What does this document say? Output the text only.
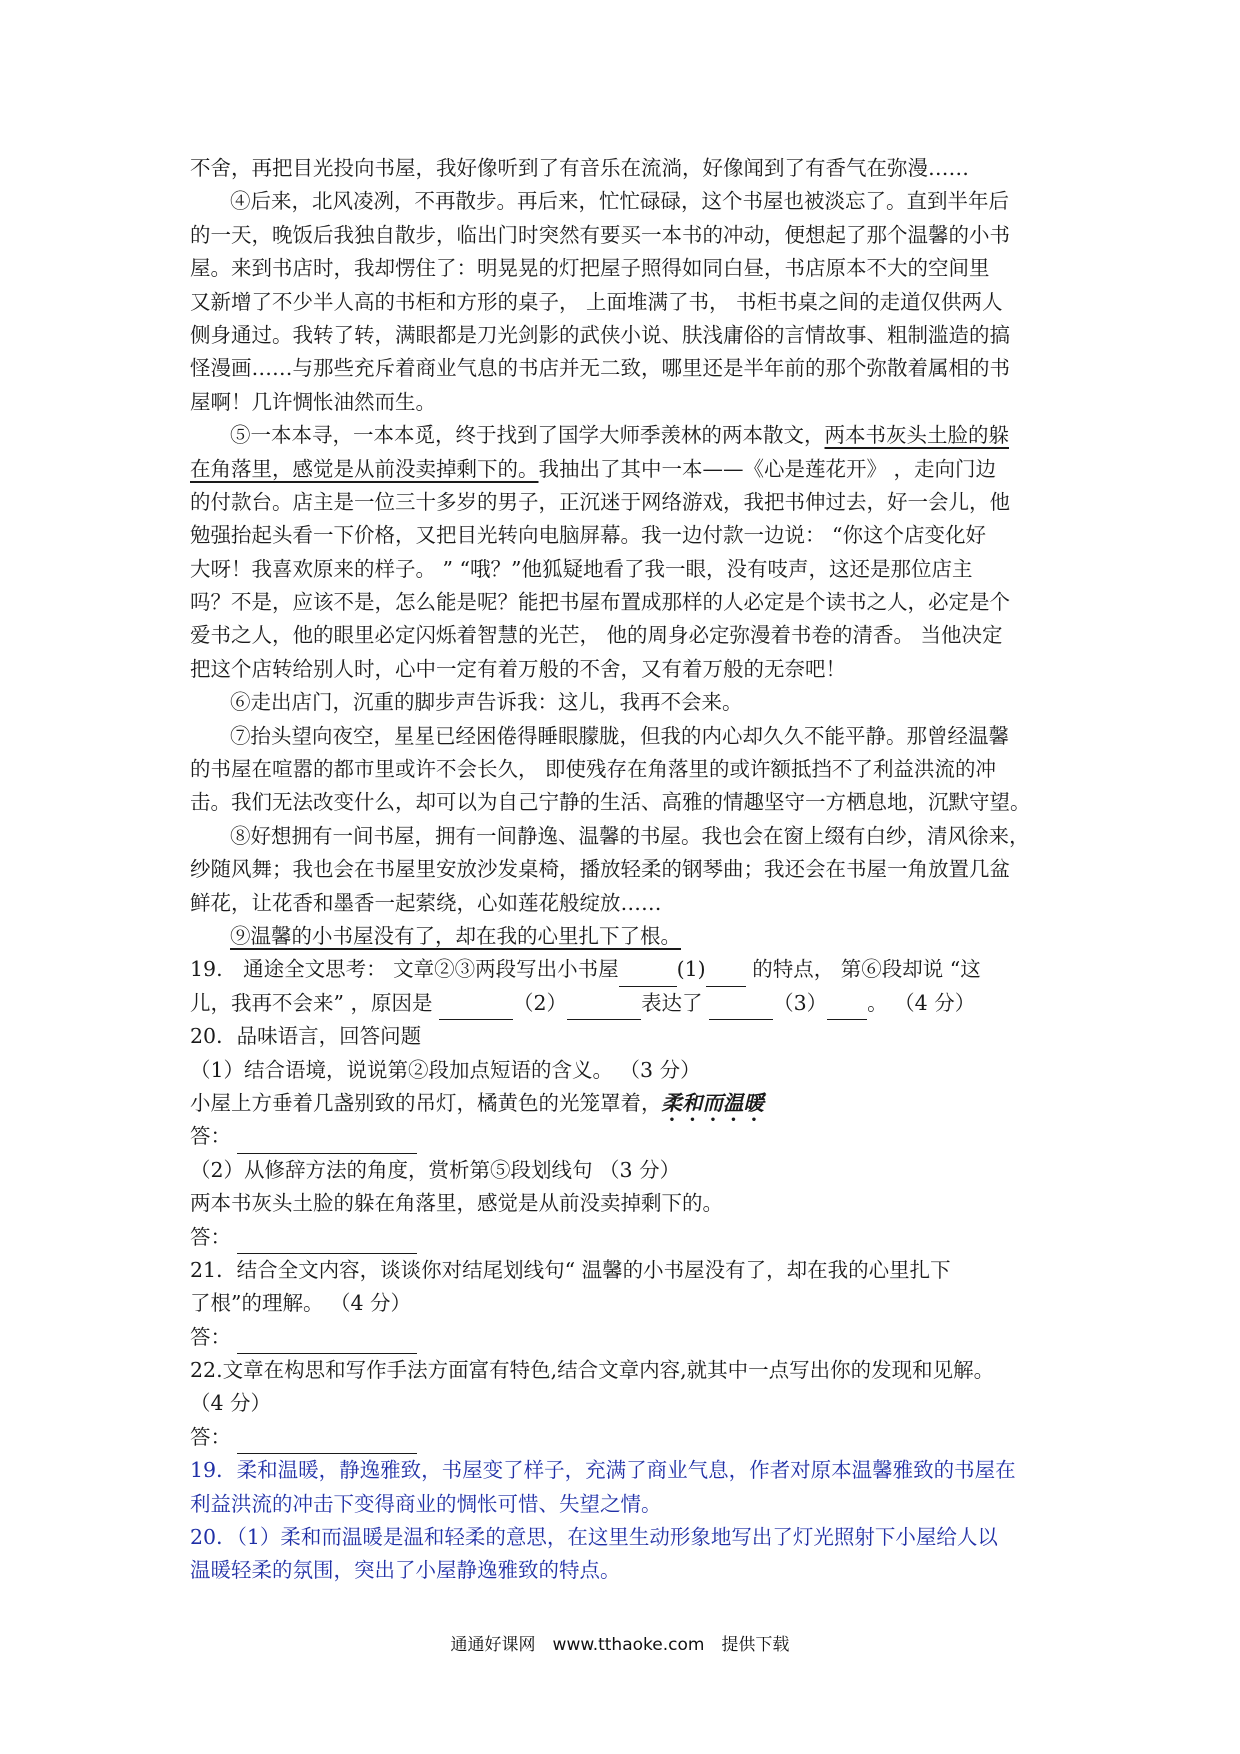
不舍，再把目光投向书屋，我好像听到了有音乐在流淌，好像闻到了有香气在弥漫……
④后来，北风凌冽，不再散步。再后来，忙忙碌碌，这个书屋也被淡忘了。直到半年后
的一天，晚饭后我独自散步，临出门时突然有要买一本书的冲动，便想起了那个温馨的小书
屋。来到书店时，我却愣住了：明晃晃的灯把屋子照得如同白昼，书店原本不大的空间里
又新增了不少半人高的书柜和方形的桌子， 上面堆满了书， 书柜书桌之间的走道仅供两人
侧身通过。我转了转，满眼都是刀光剑影的武侠小说、肤浅庸俗的言情故事、粗制滥造的搞
怪漫画……与那些充斥着商业气息的书店并无二致，哪里还是半年前的那个弥散着属相的书
屋啊！几许惆怅油然而生。
⑤一本本寻，一本本觅，终于找到了国学大师季羡林的两本散文，两本书灰头土脸的躲
在角落里，感觉是从前没卖掉剩下的。我抽出了其中一本——《心是莲花开》 ，走向门边
的付款台。店主是一位三十多岁的男子，正沉迷于网络游戏，我把书伸过去，好一会儿，他
勉强抬起头看一下价格，又把目光转向电脑屏幕。我一边付款一边说： “你这个店变化好
大呀！我喜欢原来的样子。 ” “哦？”他狐疑地看了我一眼，没有吱声，这还是那位店主
吗？不是，应该不是，怎么能是呢？能把书屋布置成那样的人必定是个读书之人，必定是个
爱书之人，他的眼里必定闪烁着智慧的光芒， 他的周身必定弥漫着书卷的清香。 当他决定
把这个店转给别人时，心中一定有着万般的不舍，又有着万般的无奈吧！
⑥走出店门，沉重的脚步声告诉我：这儿，我再不会来。
⑦抬头望向夜空，星星已经困倦得睡眼朦胧，但我的内心却久久不能平静。那曾经温馨
的书屋在喧嚣的都市里或许不会长久， 即使残存在角落里的或许额抵挡不了利益洪流的冲
击。我们无法改变什么，却可以为自己宁静的生活、高雅的情趣坚守一方栖息地，沉默守望。
⑧好想拥有一间书屋，拥有一间静逸、温馨的书屋。我也会在窗上缀有白纱，清风徐来，
纱随风舞；我也会在书屋里安放沙发桌椅，播放轻柔的钢琴曲；我还会在书屋一角放置几盆
鲜花，让花香和墨香一起萦绕，心如莲花般绽放……
⑨温馨的小书屋没有了，却在我的心里扎下了根。
19.　通途全文思考： 文章②③两段写出小书屋	(1) 的特点， 第⑥段却说 “这
儿，我再不会来” ，原因是	（2）	表达了	（3） 。 （4 分）
20．品味语言，回答问题
（1）结合语境，说说第②段加点短语的含义。 （3 分）
小屋上方垂着几盏别致的吊灯，橘黄色的光笼罩着，柔和而温暖
答：
（2）从修辞方法的角度，赏析第⑤段划线句 （3 分）
两本书灰头土脸的躲在角落里，感觉是从前没卖掉剩下的。
答：
21．结合全文内容，谈谈你对结尾划线句“ 温馨的小书屋没有了，却在我的心里扎下
了根”的理解。 （4 分）
答：
22.文章在构思和写作手法方面富有特色,结合文章内容,就其中一点写出你的发现和见解。
（4 分）
答：
19．柔和温暖，静逸雅致，书屋变了样子，充满了商业气息，作者对原本温馨雅致的书屋在
利益洪流的冲击下变得商业的惆怅可惜、失望之情。
20．（1）柔和而温暖是温和轻柔的意思，在这里生动形象地写出了灯光照射下小屋给人以
温暖轻柔的氛围，突出了小屋静逸雅致的特点。
通通好课网　www.tthaoke.com　提供下载
